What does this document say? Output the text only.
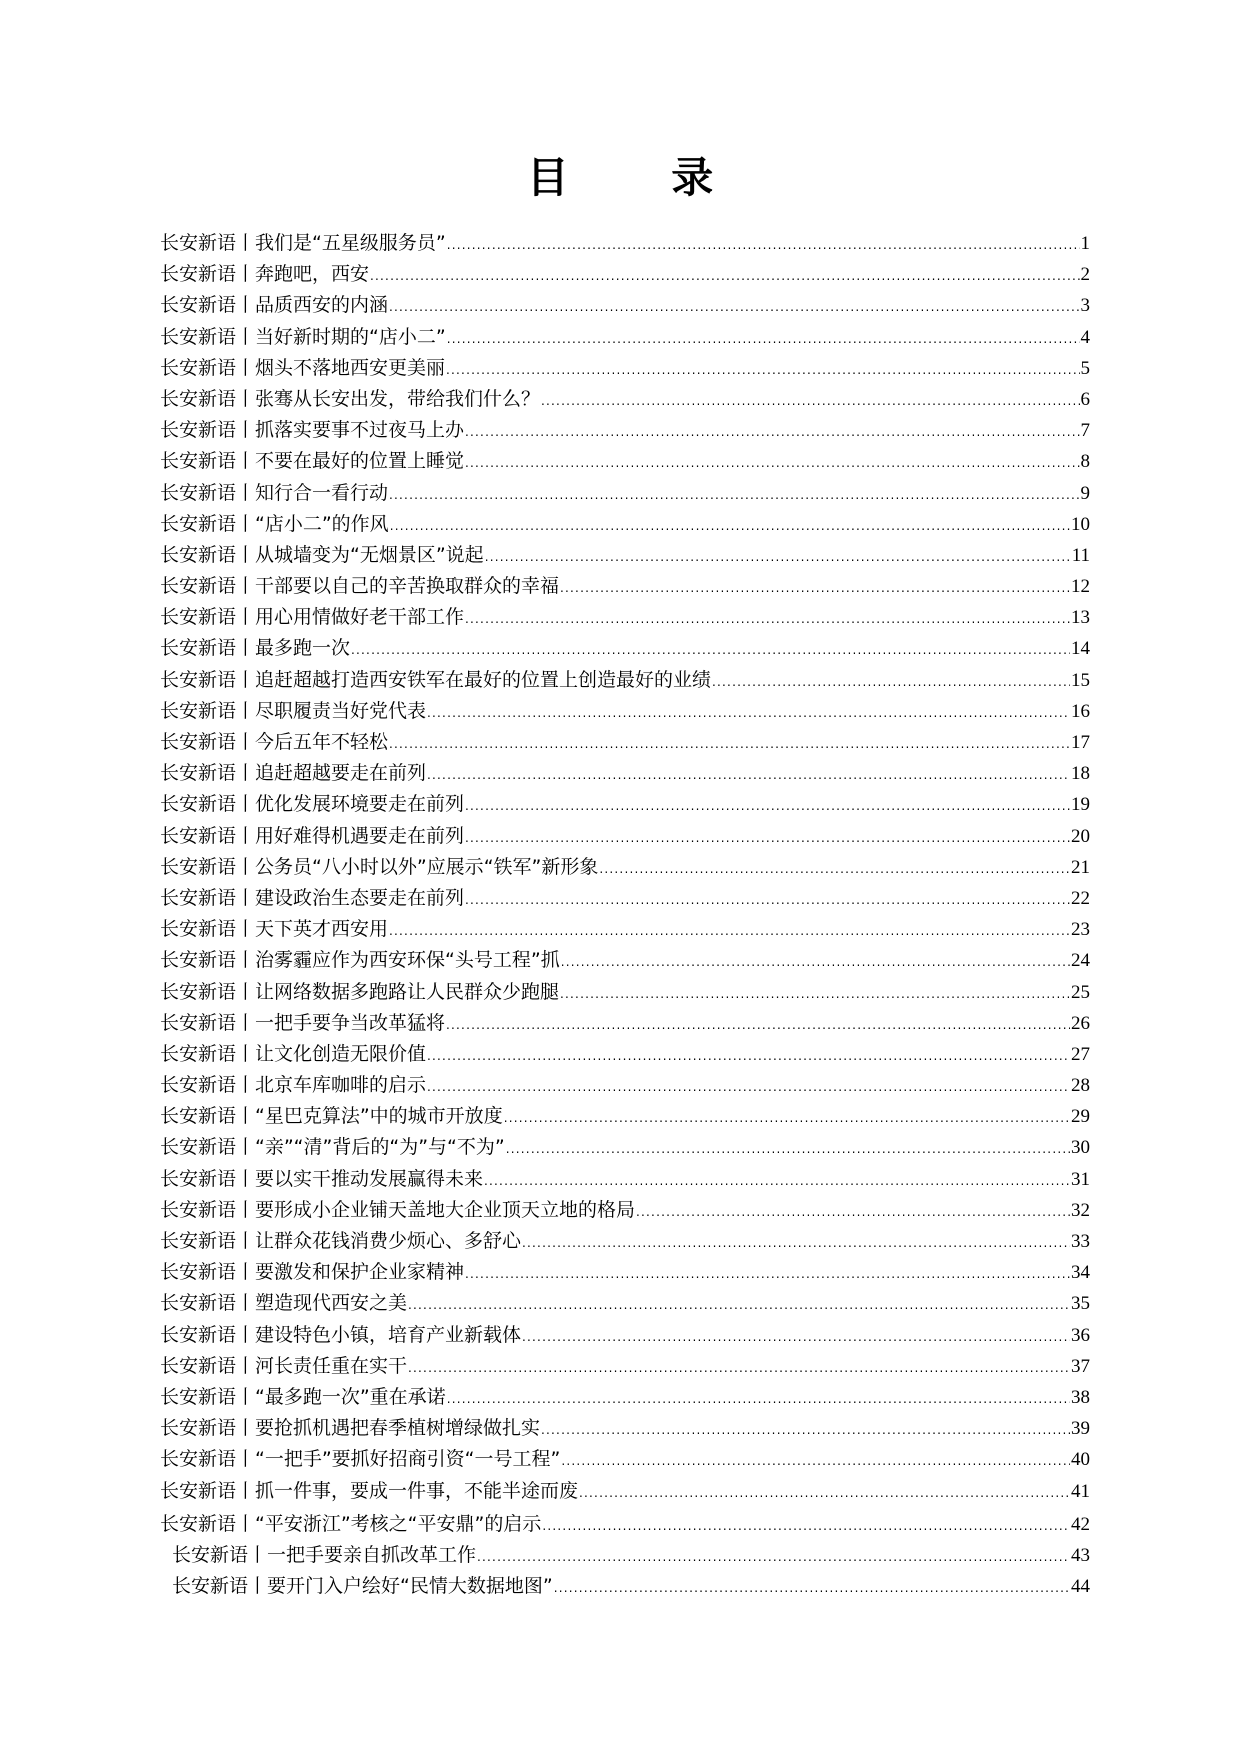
目 录
长安新语丨我们是“五星级服务员” .....	1
长安新语丨奔跑吧，西安 .....	2
长安新语丨品质西安的内涵 .....	3
长安新语丨当好新时期的“店小二” .....	4
长安新语丨烟头不落地西安更美丽 .....	5
长安新语丨张骞从长安出发，带给我们什么？ .....	6
长安新语丨抓落实要事不过夜马上办 .....	7
长安新语丨不要在最好的位置上睡觉 .....	8
长安新语丨知行合一看行动 .....	9
长安新语丨“店小二”的作风 .....	10
长安新语丨从城墙变为“无烟景区”说起 .....	11
长安新语丨干部要以自己的辛苦换取群众的幸福 .....	12
长安新语丨用心用情做好老干部工作 .....	13
长安新语丨最多跑一次 .....	14
长安新语丨追赶超越打造西安铁军在最好的位置上创造最好的业绩 .....	15
长安新语丨尽职履责当好党代表 .....	16
长安新语丨今后五年不轻松 .....	17
长安新语丨追赶超越要走在前列 .....	18
长安新语丨优化发展环境要走在前列 .....	19
长安新语丨用好难得机遇要走在前列 .....	20
长安新语丨公务员“八小时以外”应展示“铁军”新形象 .....	21
长安新语丨建设政治生态要走在前列 .....	22
长安新语丨天下英才西安用 .....	23
长安新语丨治雾霾应作为西安环保“头号工程”抓 .....	24
长安新语丨让网络数据多跑路让人民群众少跑腿 .....	25
长安新语丨一把手要争当改革猛将 .....	26
长安新语丨让文化创造无限价值 .....	27
长安新语丨北京车库咖啡的启示 .....	28
长安新语丨“星巴克算法”中的城市开放度 .....	29
长安新语丨“亲”“清”背后的“为”与“不为” .....	30
长安新语丨要以实干推动发展赢得未来 .....	31
长安新语丨要形成小企业铺天盖地大企业顶天立地的格局 .....	32
长安新语丨让群众花钱消费少烦心、多舒心 .....	33
长安新语丨要激发和保护企业家精神 .....	34
长安新语丨塑造现代西安之美 .....	35
长安新语丨建设特色小镇，培育产业新载体 .....	36
长安新语丨河长责任重在实干 .....	37
长安新语丨“最多跑一次”重在承诺 .....	38
长安新语丨要抢抓机遇把春季植树增绿做扎实 .....	39
长安新语丨“一把手”要抓好招商引资“一号工程” .....	40
长安新语丨抓一件事，要成一件事，不能半途而废 .....	41
长安新语丨“平安浙江”考核之“平安鼎”的启示 .....	42
长安新语丨一把手要亲自抓改革工作 .....	43
长安新语丨要开门入户绘好“民情大数据地图” .....	44
